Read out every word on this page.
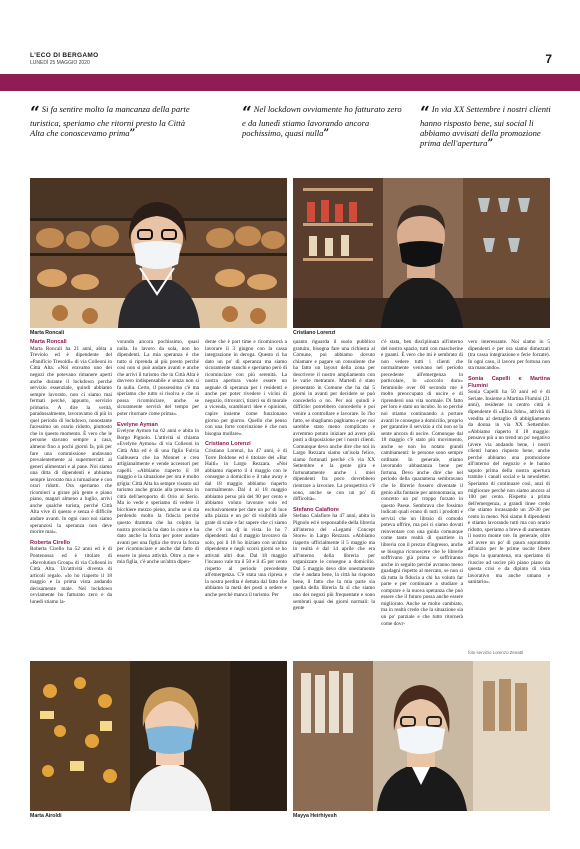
L'ECO DI BERGAMO
LUNEDÌ 25 MAGGIO 2020	7
“ Si fa sentire molto la mancanza della parte turistica, speriamo che ritorni presto la Città Alta che conoscevamo prima”
“ Nel lockdown ovviamente ho fatturato zero e da lunedì stiamo lavorando ancora pochissimo, quasi nulla”
“ In via XX Settembre i nostri clienti hanno risposto bene, sui social li abbiamo avvisati della promozione prima dell'apertura”
Marta Roncali	Cristiano Lorenzi
Marta Roncali

Marta Roncali ha 21 anni, abita a Treviolo ed è dipendente del «Panificio Tresoldi» di via Colleoni in Città Alta. «Noi eravamo uno dei negozi che potevano rimanere aperti anche durante il lockdown perché servizio essenziale, quindi abbiamo sempre lavorato, non ci siamo mai fermati perché, appunto, servizio primario. A dire la verità, paradossalmente, lavoravamo di più in quel periodo di lockdown, nonostante facessimo un orario ridotto, piuttosto che in questo momento. È vero che le persone stavano sempre a casa, almeno fino a pochi giorni fa, più per fare una commissione andavano prevalentemente ai supermercati: ai generi alimentari e al pane. Noi siamo una ditta di dipendenti e abbiamo sempre lavorato ma a turnazione e con orari ridotti. Ora speriamo che ricomінci a girare più gente e piano piano, magari almeno a luglio, arrivi anche qualche turista, perché Città Alta vive di questo e senza è difficile andare avanti. In ogni caso noi siamo speranzosi la speranza non deve morire mai».

Roberta Cirello

Roberta Cirello ha 52 anni ed è di Pontenossa ed è titolare di «Revolution Group» di via Colleoni in Città Alta. Un'attività diventa di articoli regalo. «Io ho riaperto il 18 maggio e la prima vista andando decisamente male. Nel lockdown ovviamente ho fatturato zero e da lunedì stiamo la-

vorando ancora pochissimo, quasi nulla. Io lavoro da sola, non ho dipendenti. La mia speranza è che tutto si riprenda al più presto perché così non si può andare avanti e anche che arrivi il turismo che in Città Alta è davvero indispensabile e senza non si fa nulla. Certo, il possessimo c'è ma speriamo che tutto si risolva e che si possa ricominciare, anche se sicuramente servirà del tempo per poter ritornare come prima».

Evelyne Ayman

Evelyne Aymon ha 62 anni e abita in Borgo Pignolo. L'attività si chiama «Evelyne Aymon» di via Colleoni in Città Alta ed è di una figlia Fulvia Galbusera che ha Monnet e crea artigianalmente e vende accessori per capelli. «Abbiamo riaperto il 18 maggio e la situazione per ora è molto grigia: Città Alta ha sempre vissuto sul turismo anche grazie alla presenza in città dell'aeroporto di Orio al Serio. Ma io vedo e speriamo di vedere il bicchiere mezzo pieno, anche se si sta perdendo molto la fiducia perché questo dramma che ha colpito la nostra provincia ha dato la cuore e ha dato anche la forza per poter andare avanti per una figlia che trova la forza per ricominciare e anche dal fatto di essere in piena attività. Oltre a me e mia figlia, c'è anche un'altra dipen-

dente che è part time e ricomincerà a lavorare il 3 giugno con la cassa integrazione in deroga. Questo ci ha dato un po' di speranza ma siamo sicuramente stanchi e speriamo però di ricominciare con più serenità. La nostra apertura vuole essere un segnale di speranza per i residenti e anche per poter rivedere i vicini di negozio, ritrovarci, tirarci su di morale a vicenda, scambiarci idee e opinioni, capire insieme come funzionano giorno per giorno. Quello che penso con una forte convinzione è che non bisogna mollare».

Cristiano Lorenzi

Cristiano Lorenzi, ha 47 anni, è di Torre Boldone ed è titolare del «Bar Haiti» in Largo Rezzara. «Noi abbiamo riaperto il 4 maggio con le consegne a domicilio e il take away e dal 18 maggio abbiamo riaperto normalmente. Dal 4 al 18 maggio abbiamo perso più del 90 per cento e abbiamo voluto lavorare solo ed esclusivamente per dare un po' di luce alla piazza e un po' di visibilità alle grate di scale e far sapere che ci siamo che c'è un dj in vista. Io ho 7 dipendenti: dal 4 maggio lavoravo da solo, poi il 18 ho iniziato con un'altra dipendente e negli scorsi giorni se ho attivati altri due. Dal 18 maggio l'incasso vale tra il 50 e il 45 per cento rispetto al periodo precedente all'emergenza. C'è stata una ripresa e la nostra perdita è dettata dal fatto che abbiamo la metà dei posti a sedere e anche perché manca il turismo. Per

quanto riguarda il suolo pubblico gratuito, bisogna fare una richiesta al Comune, poi abbiamo dovuto chiamare e pagare un consulente che ha fatto un layout della zona per descrivere il nostro ampliamento con le varie metrature. Martedì è stato presentato in Comune che ha dai 5 giorni in avanti per decidere se può concederlo o no. Per noi quindi è difficile: potrebbero concederlo e poi venire a controllare e lavorare. Io l'ho fatto, se sbagliamo paghiamo e per noi sarebbe stato meno complicato e avremmo potuto iniziare ad avere più posti a disposizione per i nostri clienti. Comunque devo anche dire che noi in Largo Rezzara siamo un'isola felice, siamo fortunati perché c'è via XX Settembre e la gente gira e fortunatamente anche i miei dipendenti fra poco dovrebbero rientrare a lavorare. La prospettiva c'è sono, anche se con un po' di difficoltà».

Stefano Calafiore

Stefano Calafiore ha 47 anni, abita in Pignolo ed è responsabile della libreria all'interno del «Legami Concept Store» in Largo Rezzara. «Abbiamo riaperto ufficialmente il 5 maggio ma in realtà è dal 14 aprile che era all'interno della libreria per organizzare le consegne a domicilio. Dal 5 maggio devo dire onestamente che è andata bene, la città ha risposto bene, il fatto che la mia parte sia quella della libreria fa sì che siamo uno dei negozi più frequentate e sono sembrati quasi dei giorni normali: la gente

c'è stata, ben disciplinata all'interno del nostro spazio, tutti con mascherine e guanti. È vero che mi è sembrato di non vedere tutti i clienti che normalmente venivano nel periodo precedente all'emergenza in particolare, lo «zoccolo duro» femminile over 60 secondo me è molto preoccupato di uscire e di riprendersi una vita normale. Di fatto per loro è stato un incubo. Io so perché noi stiamo continuando a portare avanti le consegne a domicilio, proprio per garantire il servizio a chi non se la sente ancora di uscire. Comunque dal 18 maggio c'è stato più movimento, anche se non ho notato grandi cambiamenti: le persone sono sempre ordinate. In generale, stiamo lavorando abbastanza bene per fortuna. Devo anche dire che nel periodo della quarantena sembravano che le librerie fossero diventate il genio alla fantasie per antonomasia, un concetto un po' troppo forzato in questo Paese. Sembrava che fossimo indicati quali erano di tutti i prodotti e servizi che un libraio di comodo poteva offrire, ma poi ci siamo dovuti reinventare con una guida comunque come tante realtà di quartiere in libreria con il prezzo d'ingresso, anche se bisogna riconoscere che le librerie soffrivano già prima e soffriranno anche in seguito perché avranno meno guadagni rispetto al mercato, se non si dà tutta la fiducia a chi ha voluto far parte e per continuare a studiare a comprare e la nuova speranza che può essere che il futuro possa anche essere migliorato. Anche se molto cambiato, ma in realtà credo che la situazione sia un po' parziale e che tutto ritornerà come dovr-

vero interessante. Noi siamo in 5 dipendenti e per ora siamo dimezzati (tra cassa integrazione e ferie forzate). In ogni caso, il lavoro per fortuna non sta mancando».

Sonia Capelli e Martina Flumini

Sonia Capelli ha 50 anni ed è di Seriate. Insieme a Martina Flumini (21 anni), residente in centro città è dipendente di «Elisa John», attività di vendita al dettaglio di abbigliamento da donna in via XX Settembre. «Abbiamo riaperto il 18 maggio: pensavo più a un trend un po' negativo (avere via andando bene, i nostri clienti hanno risposto bene, anche perché abbiamo una promozione all'interno del negozio e le hanno saputo prima della nostra apertura tramite i canali social e la newsletter. Speriamo di continuare così, anzi di migliorare perché non siamo ancora al 100 per cento. Rispetto a prima dell'emergenza, a grandi linee credo che stiamo incassando un 20-30 per cento in meno. Noi siamo 8 dipendenti e stiamo lavorando tutti ma con orario ridotto, speriamo a breve di aumentare il nostro monte ore. In generale, oltre ad avere un po' di paura soprattutto all'inizio per le prime uscite libere dopo la quarantena, ora speriamo di riuscire ad uscire più piano piano da questa crisi e da dipinto di vista lavorativo ma anche umano e sanitario».

foto servizio Lorenzo Zenatti
Marta Airoldi	Mayya Heirhiyesh
